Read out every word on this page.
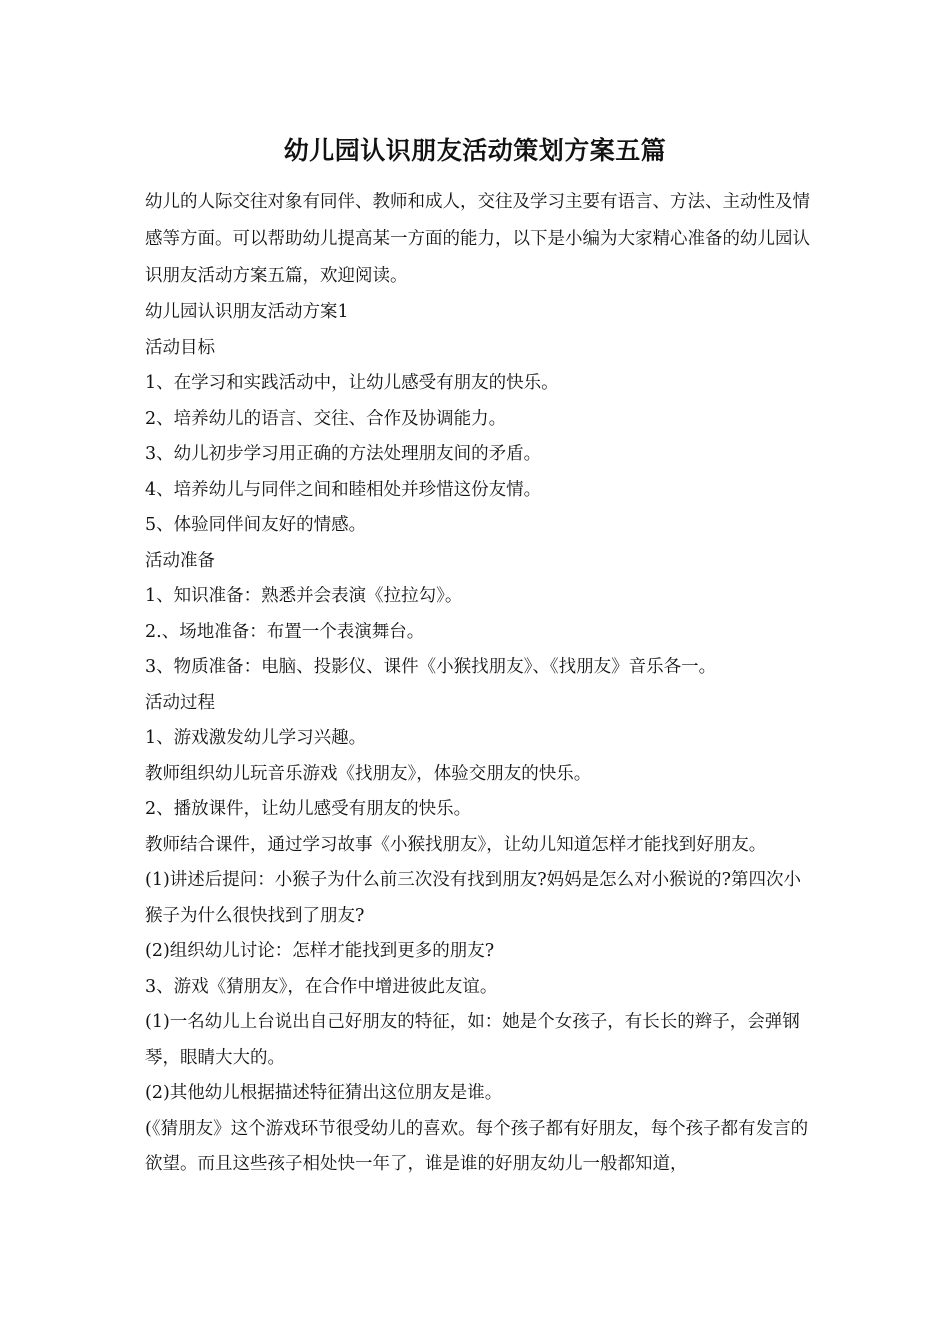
幼儿园认识朋友活动策划方案五篇

幼儿的人际交往对象有同伴、教师和成人，交往及学习主要有语言、方法、主动性及情感等方面。可以帮助幼儿提高某一方面的能力，以下是小编为大家精心准备的幼儿园认识朋友活动方案五篇，欢迎阅读。

幼儿园认识朋友活动方案1

活动目标

1、在学习和实践活动中，让幼儿感受有朋友的快乐。

2、培养幼儿的语言、交往、合作及协调能力。

3、幼儿初步学习用正确的方法处理朋友间的矛盾。

4、培养幼儿与同伴之间和睦相处并珍惜这份友情。

5、体验同伴间友好的情感。

活动准备

1、知识准备：熟悉并会表演《拉拉勾》。

2.、场地准备：布置一个表演舞台。

3、物质准备：电脑、投影仪、课件《小猴找朋友》、《找朋友》音乐各一。

活动过程

1、游戏激发幼儿学习兴趣。

教师组织幼儿玩音乐游戏《找朋友》，体验交朋友的快乐。

2、播放课件，让幼儿感受有朋友的快乐。

教师结合课件，通过学习故事《小猴找朋友》，让幼儿知道怎样才能找到好朋友。

(1)讲述后提问：小猴子为什么前三次没有找到朋友?妈妈是怎么对小猴说的?第四次小猴子为什么很快找到了朋友?

(2)组织幼儿讨论：怎样才能找到更多的朋友?

3、游戏《猜朋友》，在合作中增进彼此友谊。

(1)一名幼儿上台说出自己好朋友的特征，如：她是个女孩子，有长长的辫子，会弹钢琴，眼睛大大的。

(2)其他幼儿根据描述特征猜出这位朋友是谁。

(《猜朋友》这个游戏环节很受幼儿的喜欢。每个孩子都有好朋友，每个孩子都有发言的欲望。而且这些孩子相处快一年了，谁是谁的好朋友幼儿一般都知道，
